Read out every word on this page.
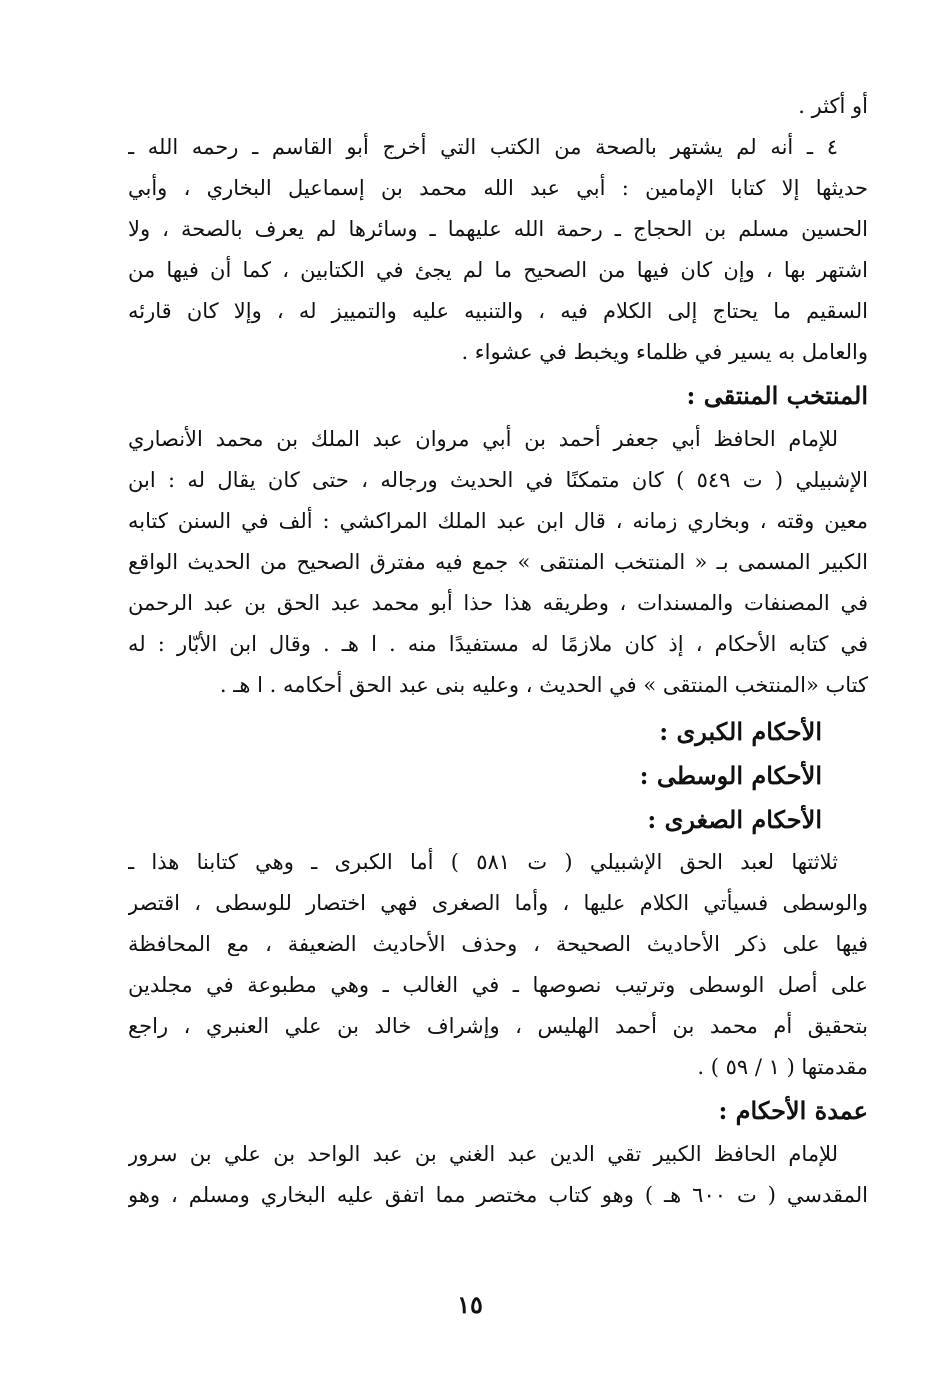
أو أكثر .
٤ ـ أنه لم يشتهر بالصحة من الكتب التي أخرج أبو القاسم ـ رحمه الله ـ
حديثها إلا كتابا الإمامين : أبي عبد الله محمد بن إسماعيل البخاري ، وأبي
الحسين مسلم بن الحجاج ـ رحمة الله عليهما ـ وسائرها لم يعرف بالصحة ، ولا
اشتهر بها ، وإن كان فيها من الصحيح ما لم يجئ في الكتابين ، كما أن فيها من
السقيم ما يحتاج إلى الكلام فيه ، والتنبيه عليه والتمييز له ، وإلا كان قارئه
والعامل به يسير في ظلماء ويخبط في عشواء .
المنتخب المنتقى :
للإمام الحافظ أبي جعفر أحمد بن أبي مروان عبد الملك بن محمد الأنصاري
الإشبيلي ( ت ٥٤٩ ) كان متمكنًا في الحديث ورجاله ، حتى كان يقال له : ابن
معين وقته ، وبخاري زمانه ، قال ابن عبد الملك المراكشي : ألف في السنن كتابه
الكبير المسمى بـ « المنتخب المنتقى » جمع فيه مفترق الصحيح من الحديث الواقع
في المصنفات والمسندات ، وطريقه هذا حذا أبو محمد عبد الحق بن عبد الرحمن
في كتابه الأحكام ، إذ كان ملازمًا له مستفيدًا منه . ا هـ . وقال ابن الأبّار : له
كتاب «المنتخب المنتقى » في الحديث ، وعليه بنى عبد الحق أحكامه . ا هـ .
الأحكام الكبرى :
الأحكام الوسطى :
الأحكام الصغرى :
ثلاثتها لعبد الحق الإشبيلي ( ت ٥٨١ ) أما الكبرى ـ وهي كتابنا هذا ـ
والوسطى فسيأتي الكلام عليها ، وأما الصغرى فهي اختصار للوسطى ، اقتصر
فيها على ذكر الأحاديث الصحيحة ، وحذف الأحاديث الضعيفة ، مع المحافظة
على أصل الوسطى وترتيب نصوصها ـ في الغالب ـ وهي مطبوعة في مجلدين
بتحقيق أم محمد بن أحمد الهليس ، وإشراف خالد بن علي العنبري ، راجع
مقدمتها ( ١ / ٥٩ ) .
عمدة الأحكام :
للإمام الحافظ الكبير تقي الدين عبد الغني بن عبد الواحد بن علي بن سرور
المقدسي ( ت ٦٠٠ هـ ) وهو كتاب مختصر مما اتفق عليه البخاري ومسلم ، وهو
١٥
